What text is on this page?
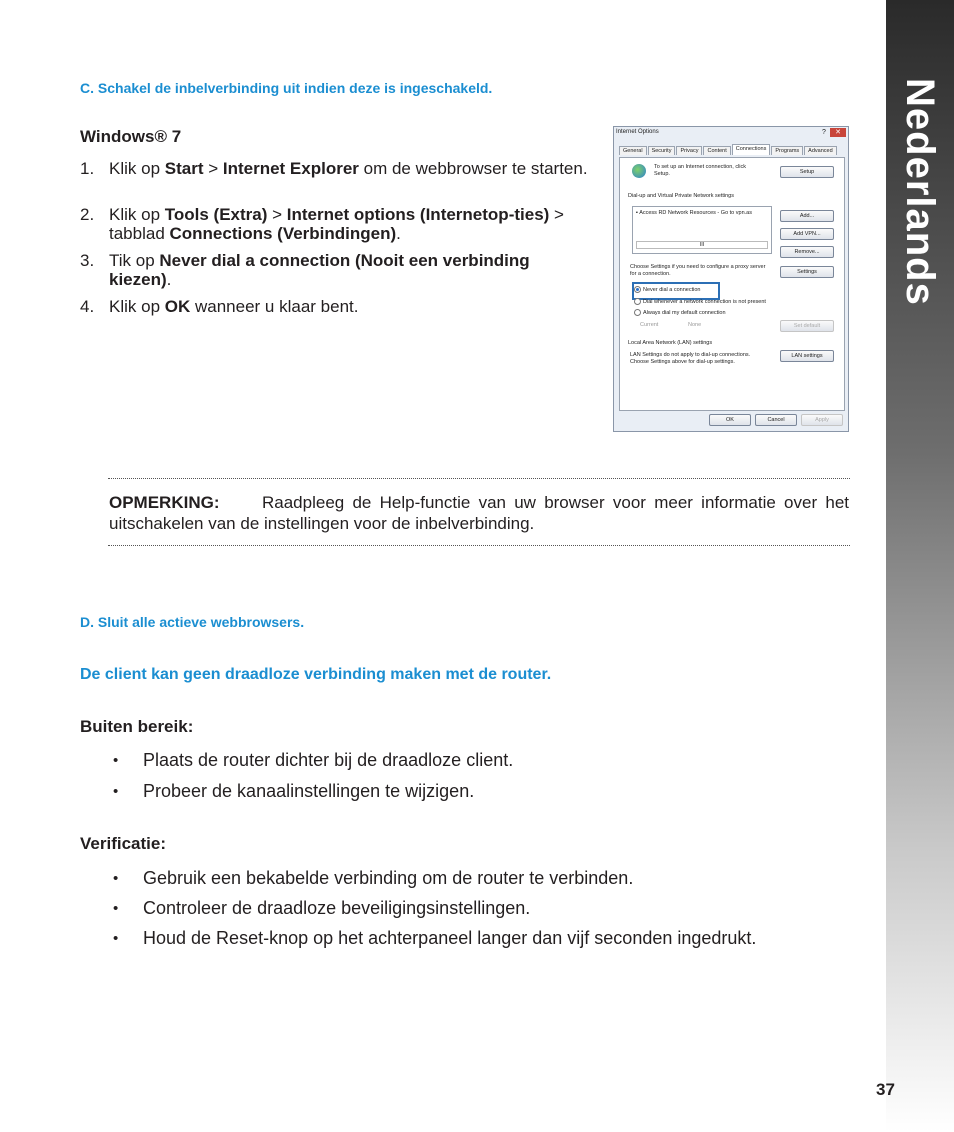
Nederlands
C. Schakel de inbelverbinding uit indien deze is ingeschakeld.
Windows® 7
1. Klik op Start > Internet Explorer om de webbrowser te starten.
2. Klik op Tools (Extra) > Internet options (Internetop-ties) > tabblad Connections (Verbindingen).
3. Tik op Never dial a connection (Nooit een verbinding kiezen).
4. Klik op OK wanneer u klaar bent.
Internet Options	?	✕
General	Security	Privacy	Content	Connections	Programs	Advanced
To set up an Internet connection, click Setup.	Setup
Dial-up and Virtual Private Network settings
▪ Access RD Network Resources - Go to vpn.as
III
Add...
Add VPN...
Remove...
Choose Settings if you need to configure a proxy server for a connection.	Settings
Never dial a connection
Dial whenever a network connection is not present
Always dial my default connection
Current	None	Set default
Local Area Network (LAN) settings
LAN Settings do not apply to dial-up connections. Choose Settings above for dial-up settings.
LAN settings
OK	Cancel	Apply
OPMERKING:	Raadpleeg de Help-functie van uw browser voor meer informatie over het uitschakelen van de instellingen voor de inbelverbinding.
D. Sluit alle actieve webbrowsers.
De client kan geen draadloze verbinding maken met de router.
Buiten bereik:
• Plaats de router dichter bij de draadloze client.
• Probeer de kanaalinstellingen te wijzigen.
Verificatie:
• Gebruik een bekabelde verbinding om de router te verbinden.
• Controleer de draadloze beveiligingsinstellingen.
• Houd de Reset-knop op het achterpaneel langer dan vijf seconden ingedrukt.
37
